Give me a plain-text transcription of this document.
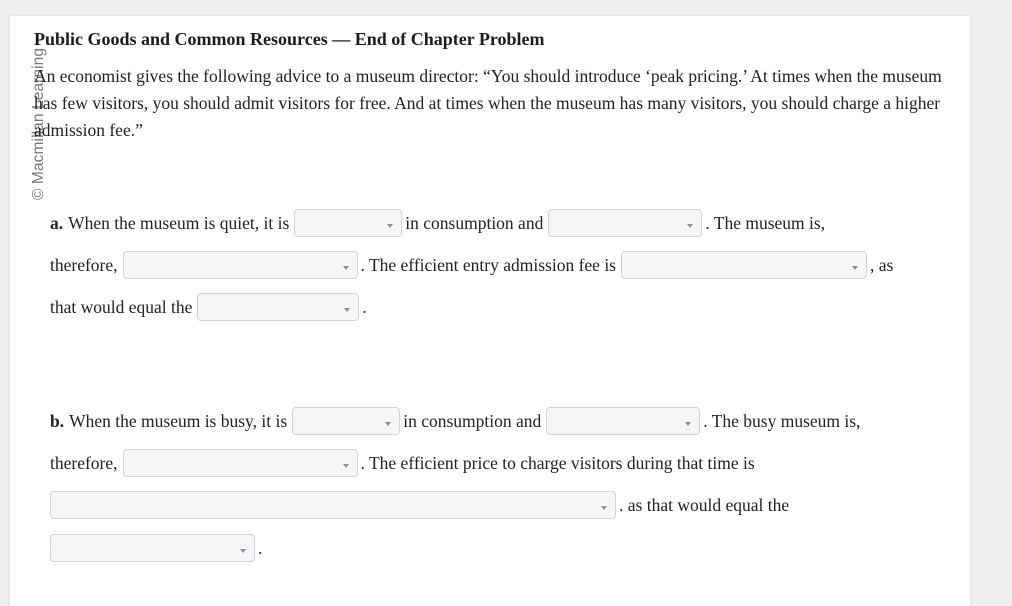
© Macmillan Learning
Public Goods and Common Resources — End of Chapter Problem
An economist gives the following advice to a museum director: “You should introduce ‘peak pricing.’ At times when the museum has few visitors, you should admit visitors for free. And at times when the museum has many visitors, you should charge a higher admission fee.”
a. When the museum is quiet, it is	in consumption and	. The museum is,
therefore,	. The efficient entry admission fee is	, as
that would equal the	.
b. When the museum is busy, it is	in consumption and	. The busy museum is,
therefore,	. The efficient price to charge visitors during that time is
. as that would equal the
.
